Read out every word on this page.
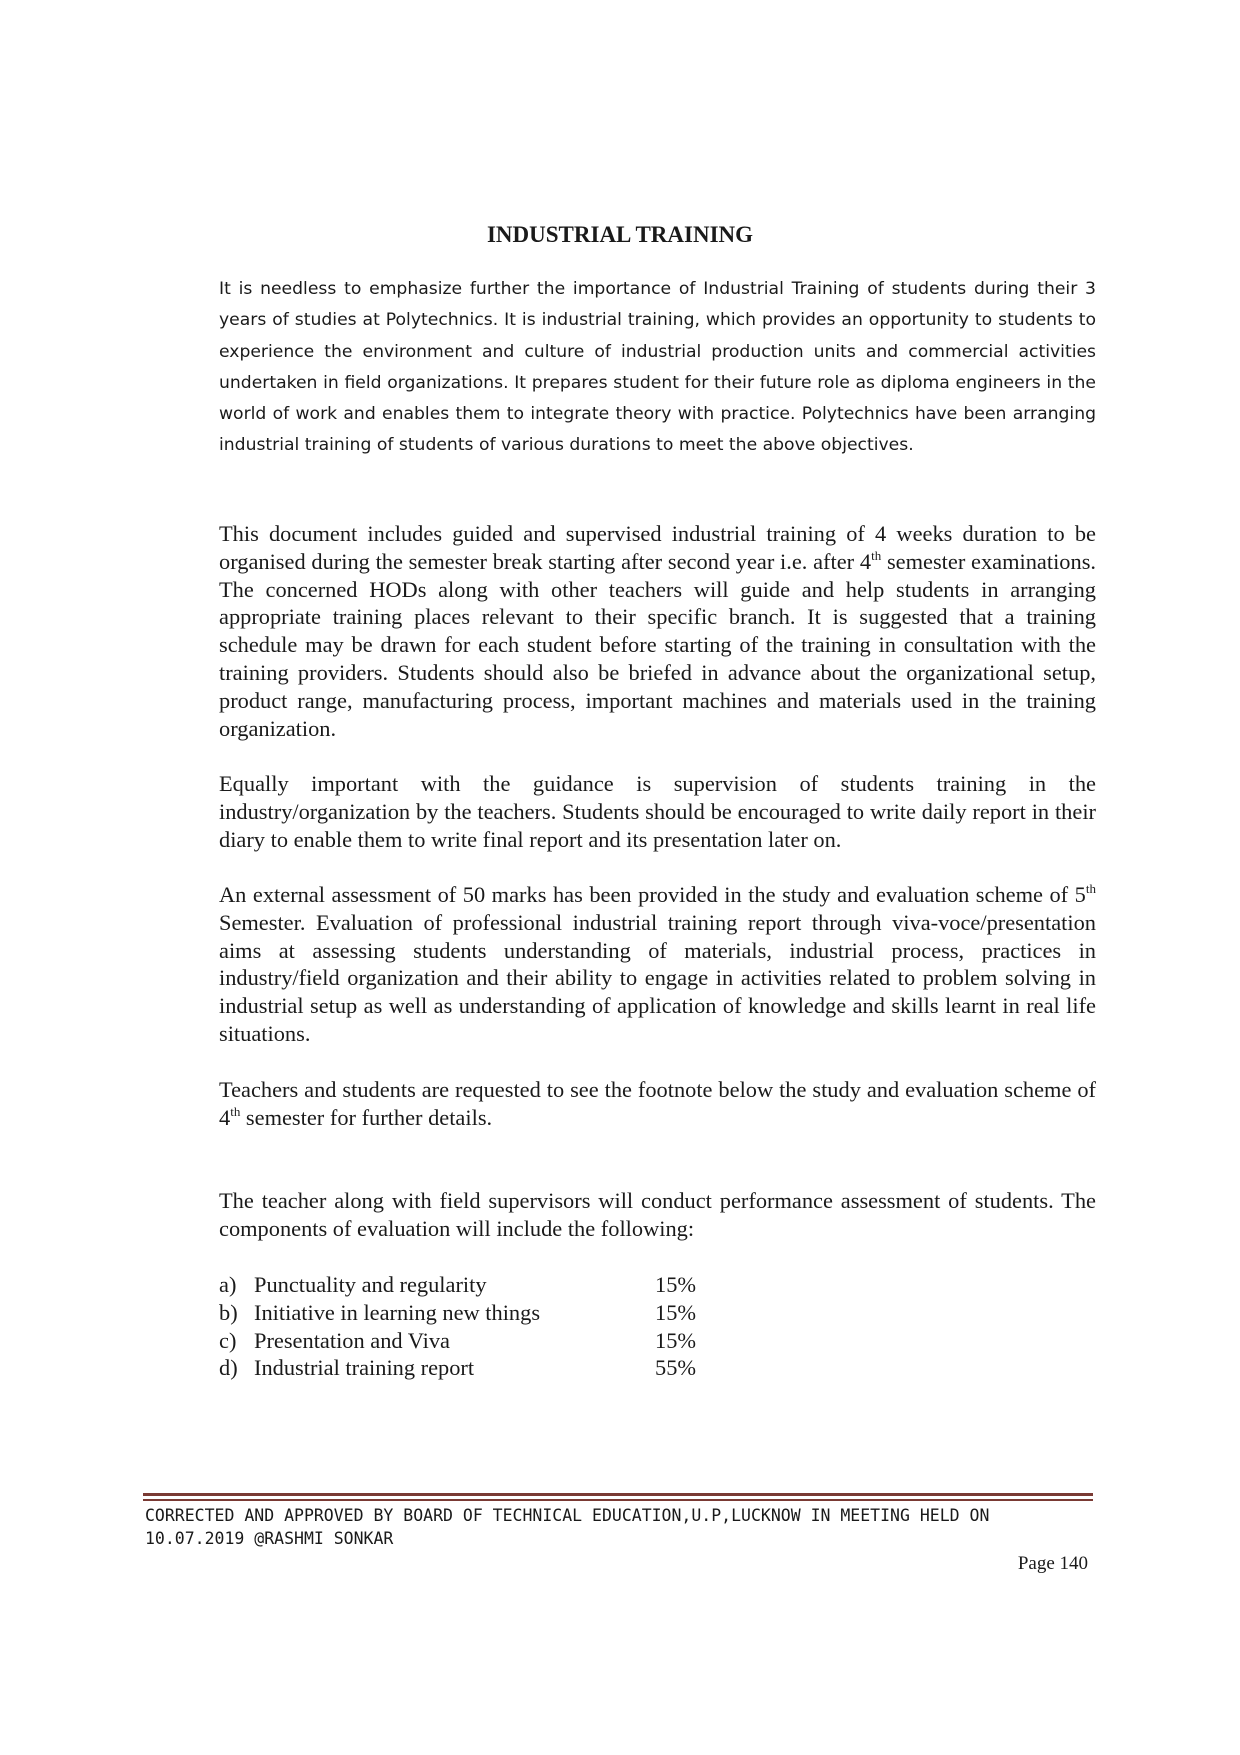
INDUSTRIAL TRAINING

It is needless to emphasize further the importance of Industrial Training of students during their 3 years of studies at Polytechnics. It is industrial training, which provides an opportunity to students to experience the environment and culture of industrial production units and commercial activities undertaken in field organizations. It prepares student for their future role as diploma engineers in the world of work and enables them to integrate theory with practice. Polytechnics have been arranging industrial training of students of various durations to meet the above objectives.

This document includes guided and supervised industrial training of 4 weeks duration to be organised during the semester break starting after second year i.e. after 4th semester examinations. The concerned HODs along with other teachers will guide and help students in arranging appropriate training places relevant to their specific branch. It is suggested that a training schedule may be drawn for each student before starting of the training in consultation with the training providers. Students should also be briefed in advance about the organizational setup, product range, manufacturing process, important machines and materials used in the training organization.

Equally important with the guidance is supervision of students training in the industry/organization by the teachers. Students should be encouraged to write daily report in their diary to enable them to write final report and its presentation later on.

An external assessment of 50 marks has been provided in the study and evaluation scheme of 5th Semester. Evaluation of professional industrial training report through viva-voce/presentation aims at assessing students understanding of materials, industrial process, practices in industry/field organization and their ability to engage in activities related to problem solving in industrial setup as well as understanding of application of knowledge and skills learnt in real life situations.

Teachers and students are requested to see the footnote below the study and evaluation scheme of 4th semester for further details.

The teacher along with field supervisors will conduct performance assessment of students. The components of evaluation will include the following:

a) Punctuality and regularity	15%
b) Initiative in learning new things	15%
c) Presentation and Viva	15%
d) Industrial training report	55%
CORRECTED AND APPROVED BY BOARD OF TECHNICAL EDUCATION,U.P,LUCKNOW IN MEETING HELD ON
10.07.2019 @RASHMI SONKAR
Page 140
